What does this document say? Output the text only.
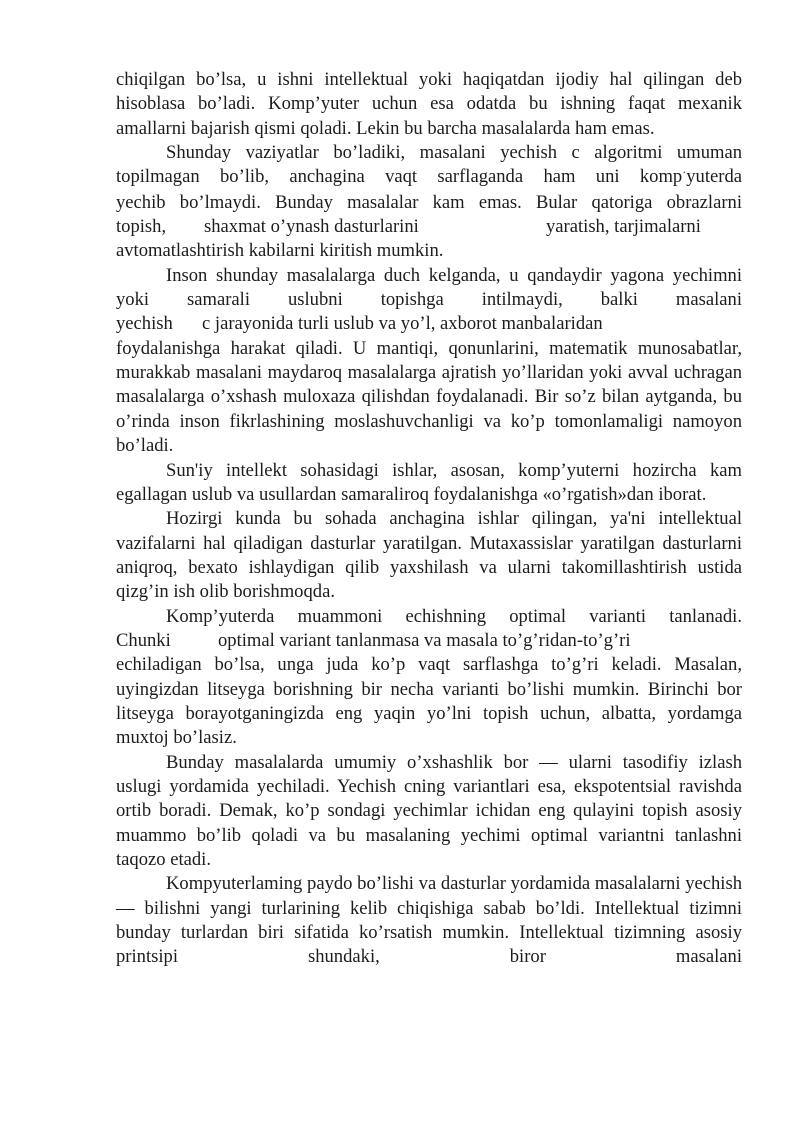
chiqilgan bo’lsa, u ishni intellektual yoki haqiqatdan ijodiy hal qilingan deb hisoblasa bo’ladi. Komp’yuter uchun esa odatda bu ishning faqat mexanik amallarni bajarish qismi qoladi. Lekin bu barcha masalalarda ham emas.

Shunday vaziyatlar bo’ladiki, masalani yechish c algoritmi umuman
topilmagan bo’lib, anchagina vaqt sarflaganda ham uni komp·yuterda
yechib bo’lmaydi. Bunday masalalar kam emas. Bular qatoriga obrazlarni
topish, shaxmat o’ynash dasturlarini	yaratish, tarjimalarni
avtomatlashtirish kabilarni kiritish mumkin.

Inson shunday masalalarga duch kelganda, u qandaydir yagona yechimni yoki samarali uslubni topishga intilmaydi, balki masalani

yechish c jarayonida turli uslub va yo’l, axborot manbalaridan

foydalanishga harakat qiladi. U mantiqi, qonunlarini, matematik munosabatlar, murakkab masalani maydaroq masalalarga ajratish yo’llaridan yoki avval uchragan masalalarga o’xshash muloxaza qilishdan foydalanadi. Bir so’z bilan aytganda, bu o’rinda inson fikrlashining moslashuvchanligi va ko’p tomonlamaligi namoyon bo’ladi.

Sun'iy intellekt sohasidagi ishlar, asosan, komp’yuterni hozircha kam egallagan uslub va usullardan samaraliroq foydalanishga «o’rgatish»dan iborat.

Hozirgi kunda bu sohada anchagina ishlar qilingan, ya'ni intellektual vazifalarni hal qiladigan dasturlar yaratilgan. Mutaxassislar yaratilgan dasturlarni aniqroq, bexato ishlaydigan qilib yaxshilash va ularni takomillashtirish ustida qizg’in ish olib borishmoqda.

Komp’yuterda muammoni echishning optimal varianti tanlanadi.
Chunki	optimal variant tanlanmasa va masala to’g’ridan-to’g’ri

echiladigan bo’lsa, unga juda ko’p vaqt sarflashga to’g’ri keladi. Masalan, uyingizdan litseyga borishning bir necha varianti bo’lishi mumkin. Birinchi bor litseyga borayotganingizda eng yaqin yo’lni topish uchun, albatta, yordamga muxtoj bo’lasiz.

Bunday masalalarda umumiy o’xshashlik bor — ularni tasodifiy izlash uslugi yordamida yechiladi. Yechish cning variantlari esa, ekspotentsial ravishda ortib boradi. Demak, ko’p sondagi yechimlar ichidan eng qulayini topish asosiy muammo bo’lib qoladi va bu masalaning yechimi optimal variantni tanlashni taqozo etadi.

Kompyuterlaming paydo bo’lishi va dasturlar yordamida masalalarni yechish — bilishni yangi turlarining kelib chiqishiga sabab bo’ldi. Intellektual tizimni bunday turlardan biri sifatida ko’rsatish mumkin. Intellektual tizimning asosiy printsipi shundaki, biror masalani
